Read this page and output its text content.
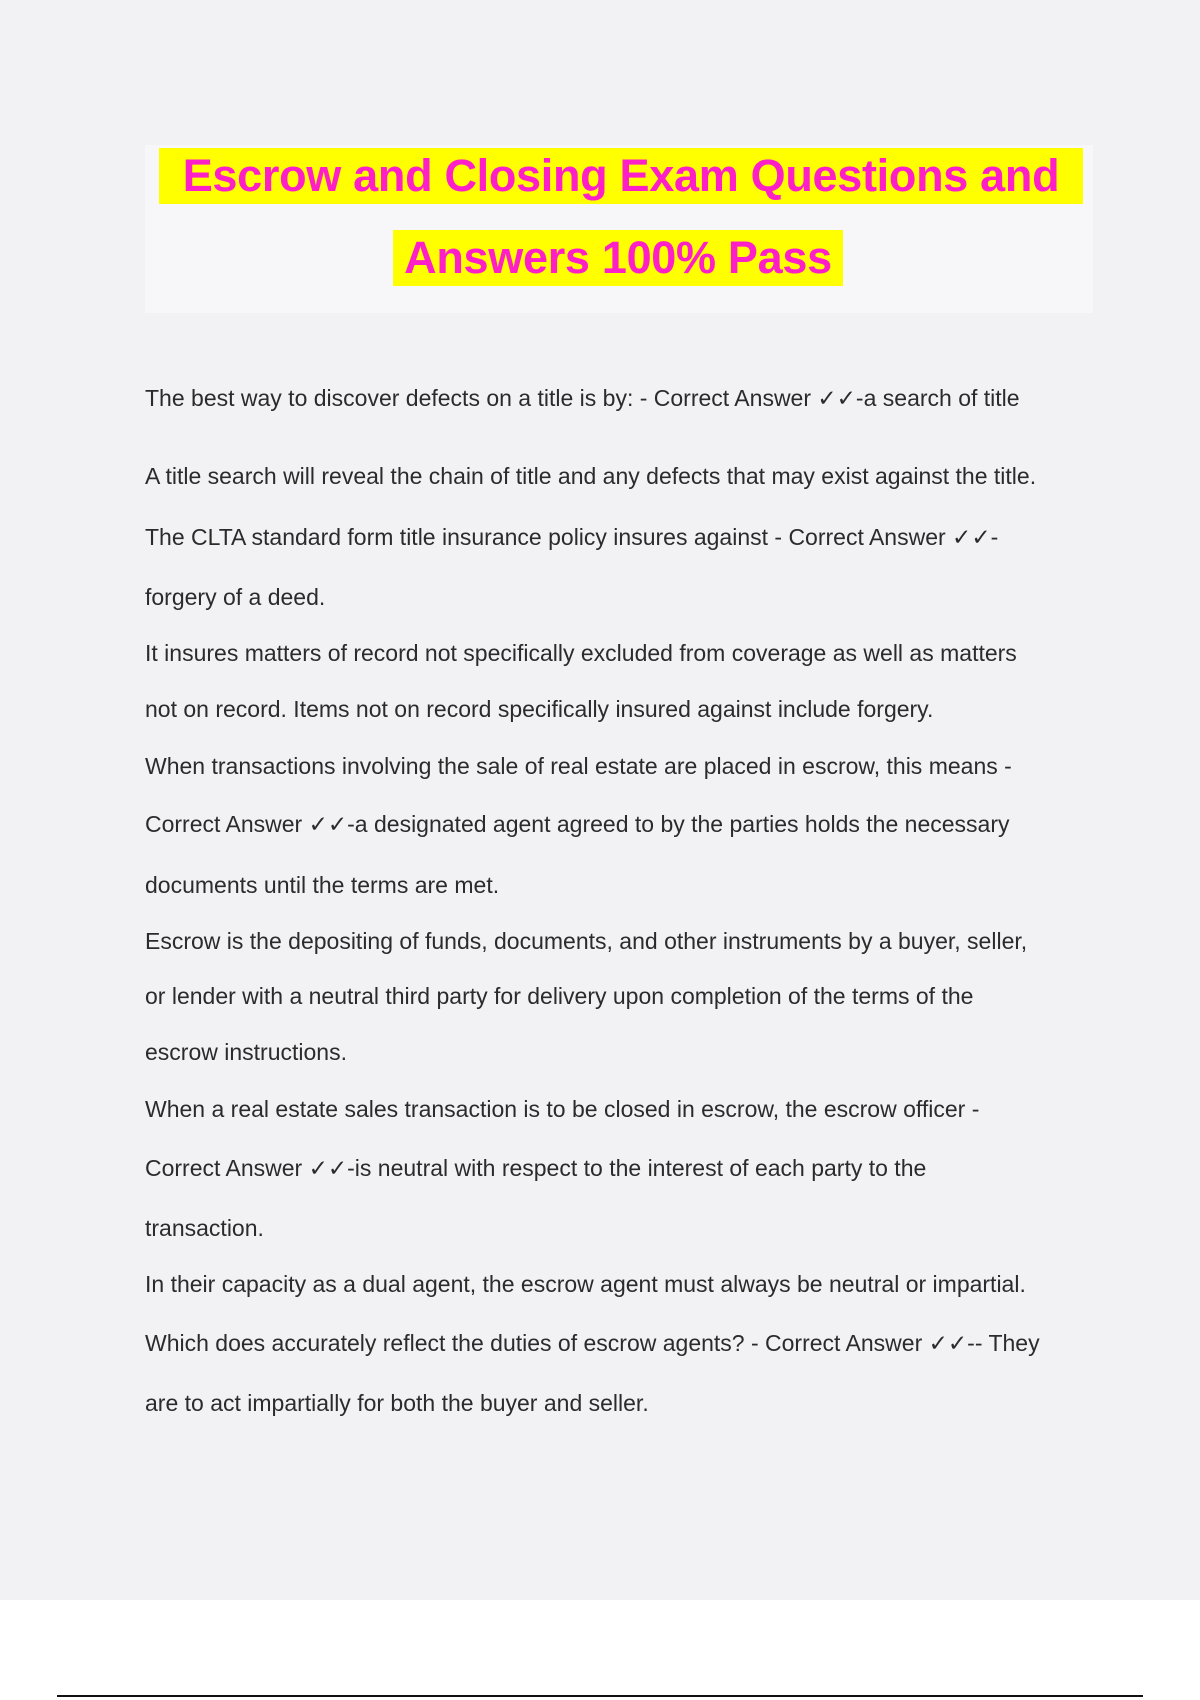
Escrow and Closing Exam Questions and
Answers 100% Pass
The best way to discover defects on a title is by: - Correct Answer ✓✓-a search of title
A title search will reveal the chain of title and any defects that may exist against the title.
The CLTA standard form title insurance policy insures against - Correct Answer ✓✓-
forgery of a deed.
It insures matters of record not specifically excluded from coverage as well as matters
not on record. Items not on record specifically insured against include forgery.
When transactions involving the sale of real estate are placed in escrow, this means -
Correct Answer ✓✓-a designated agent agreed to by the parties holds the necessary
documents until the terms are met.
Escrow is the depositing of funds, documents, and other instruments by a buyer, seller,
or lender with a neutral third party for delivery upon completion of the terms of the
escrow instructions.
When a real estate sales transaction is to be closed in escrow, the escrow officer -
Correct Answer ✓✓-is neutral with respect to the interest of each party to the
transaction.
In their capacity as a dual agent, the escrow agent must always be neutral or impartial.
Which does accurately reflect the duties of escrow agents? - Correct Answer ✓✓-- They
are to act impartially for both the buyer and seller.
